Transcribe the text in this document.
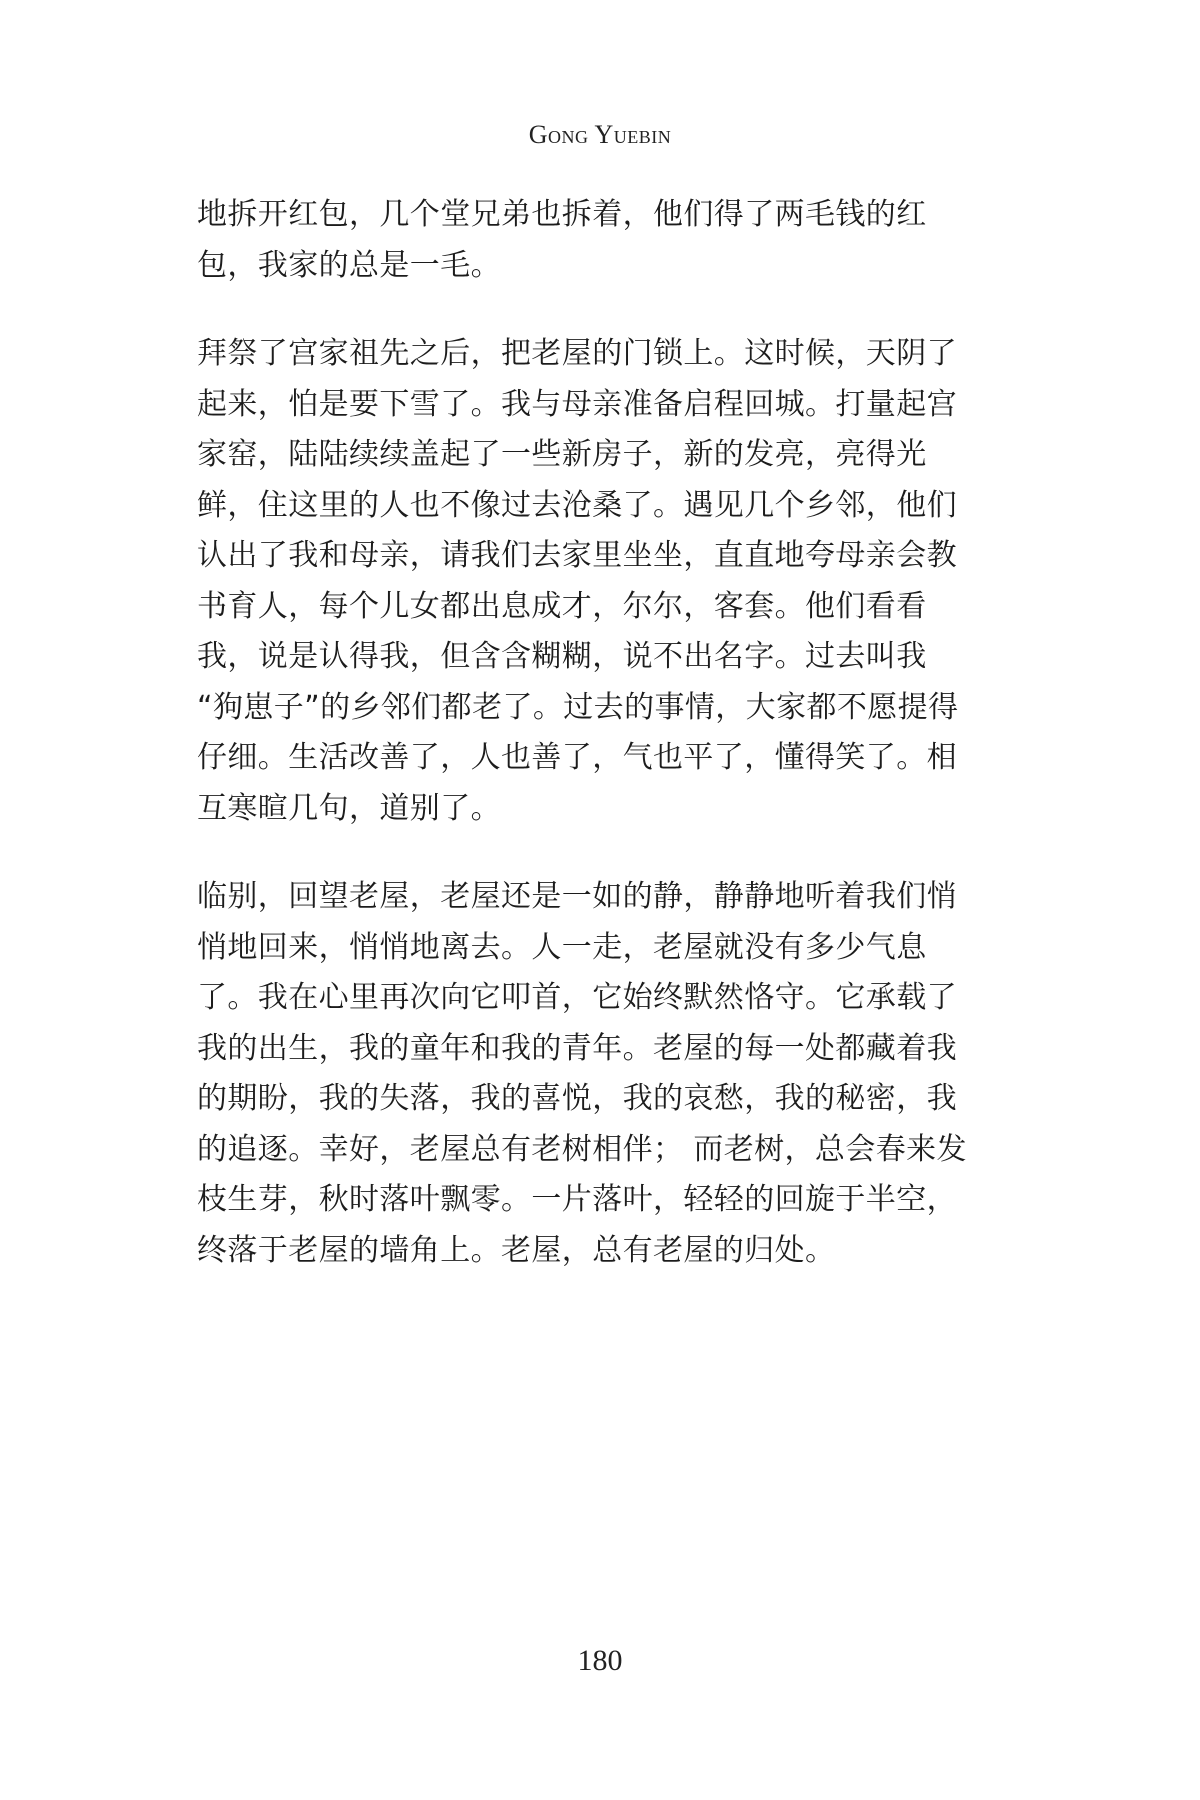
Gong Yuebin

地拆开红包，几个堂兄弟也拆着，他们得了两毛钱的红
包，我家的总是一毛。

拜祭了宫家祖先之后，把老屋的门锁上。这时候，天阴了
起来，怕是要下雪了。我与母亲准备启程回城。打量起宫
家窑，陆陆续续盖起了一些新房子，新的发亮，亮得光
鲜，住这里的人也不像过去沧桑了。遇见几个乡邻，他们
认出了我和母亲，请我们去家里坐坐，直直地夸母亲会教
书育人，每个儿女都出息成才，尔尔，客套。他们看看
我，说是认得我，但含含糊糊，说不出名字。过去叫我
“狗崽子”的乡邻们都老了。过去的事情，大家都不愿提得
仔细。生活改善了，人也善了，气也平了，懂得笑了。相
互寒暄几句，道别了。

临别，回望老屋，老屋还是一如的静，静静地听着我们悄
悄地回来，悄悄地离去。人一走，老屋就没有多少气息
了。我在心里再次向它叩首，它始终默然恪守。它承载了
我的出生，我的童年和我的青年。老屋的每一处都藏着我
的期盼，我的失落，我的喜悦，我的哀愁，我的秘密，我
的追逐。幸好，老屋总有老树相伴； 而老树，总会春来发
枝生芽，秋时落叶飘零。一片落叶，轻轻的回旋于半空，
终落于老屋的墙角上。老屋，总有老屋的归处。

180
